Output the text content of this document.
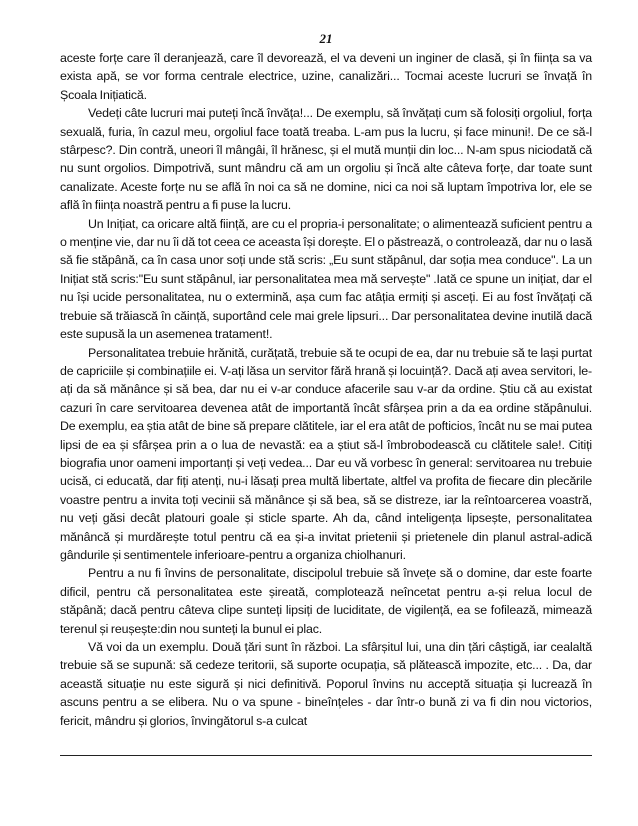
21

aceste forțe care îl deranjează, care îl devorează, el va deveni un inginer de clasă, și în ființa sa va exista apă, se vor forma centrale electrice, uzine, canalizări... Tocmai aceste lucruri se învață în Școala Inițiatică.

Vedeți câte lucruri mai puteți încă învăța!... De exemplu, să învățați cum să folosiți orgoliul, forța sexuală, furia, în cazul meu, orgoliul face toată treaba. L-am pus la lucru, și face minuni!. De ce să-l stârpesc?. Din contră, uneori îl mângâi, îl hrănesc, și el mută munții din loc... N-am spus niciodată că nu sunt orgolios. Dimpotrivă, sunt mândru că am un orgoliu și încă alte câteva forțe, dar toate sunt canalizate. Aceste forțe nu se află în noi ca să ne domine, nici ca noi să luptam împotriva lor, ele se află în ființa noastră pentru a fi puse la lucru.

Un Inițiat, ca oricare altă ființă, are cu el propria-i personalitate; o alimentează suficient pentru a o menține vie, dar nu îi dă tot ceea ce aceasta își dorește. El o păstrează, o controlează, dar nu o lasă să fie stăpână, ca în casa unor soți unde stă scris: „Eu sunt stăpânul, dar soția mea conduce". La un Inițiat stă scris:"Eu sunt stăpânul, iar personalitatea mea mă servește" .Iată ce spune un inițiat, dar el nu își ucide personalitatea, nu o extermină, așa cum fac atâția ermiți și asceți. Ei au fost învățați că trebuie să trăiască în căință, suportând cele mai grele lipsuri... Dar personalitatea devine inutilă dacă este supusă la un asemenea tratament!.

Personalitatea trebuie hrănită, curățată, trebuie să te ocupi de ea, dar nu trebuie să te lași purtat de capriciile și combinațiile ei. V-ați lăsa un servitor fără hrană și locuință?. Dacă ați avea servitori, le-ați da să mănânce și să bea, dar nu ei v-ar conduce afacerile sau v-ar da ordine. Știu că au existat cazuri în care servitoarea devenea atât de importantă încât sfârșea prin a da ea ordine stăpânului. De exemplu, ea știa atât de bine să prepare clătitele, iar el era atât de pofticios, încât nu se mai putea lipsi de ea și sfârșea prin a o lua de nevastă: ea a știut să-l îmbrobodească cu clătitele sale!. Citiți biografia unor oameni importanți și veți vedea... Dar eu vă vorbesc în general: servitoarea nu trebuie ucisă, ci educată, dar fiți atenți, nu-i lăsați prea multă libertate, altfel va profita de fiecare din plecările voastre pentru a invita toți vecinii să mănânce și să bea, să se distreze, iar la reîntoarcerea voastră, nu veți găsi decât platouri goale și sticle sparte. Ah da, când inteligența lipsește, personalitatea mănâncă și murdărește totul pentru că ea și-a invitat prietenii și prietenele din planul astral-adică gândurile și sentimentele inferioare-pentru a organiza chiolhanuri.

Pentru a nu fi învins de personalitate, discipolul trebuie să învețe să o domine, dar este foarte dificil, pentru că personalitatea este șireată, complotează neîncetat pentru a-și relua locul de stăpână; dacă pentru câteva clipe sunteți lipsiți de luciditate, de vigilență, ea se fofilează, mimează terenul și reușește:din nou sunteți la bunul ei plac.

Vă voi da un exemplu. Două țări sunt în război. La sfârșitul lui, una din țări câștigă, iar cealaltă trebuie să se supună: să cedeze teritorii, să suporte ocupația, să plătească impozite, etc... . Da, dar această situație nu este sigură și nici definitivă. Poporul învins nu acceptă situația și lucrează în ascuns pentru a se elibera. Nu o va spune - bineînțeles - dar într-o bună zi va fi din nou victorios, fericit, mândru și glorios, învingătorul s-a culcat
